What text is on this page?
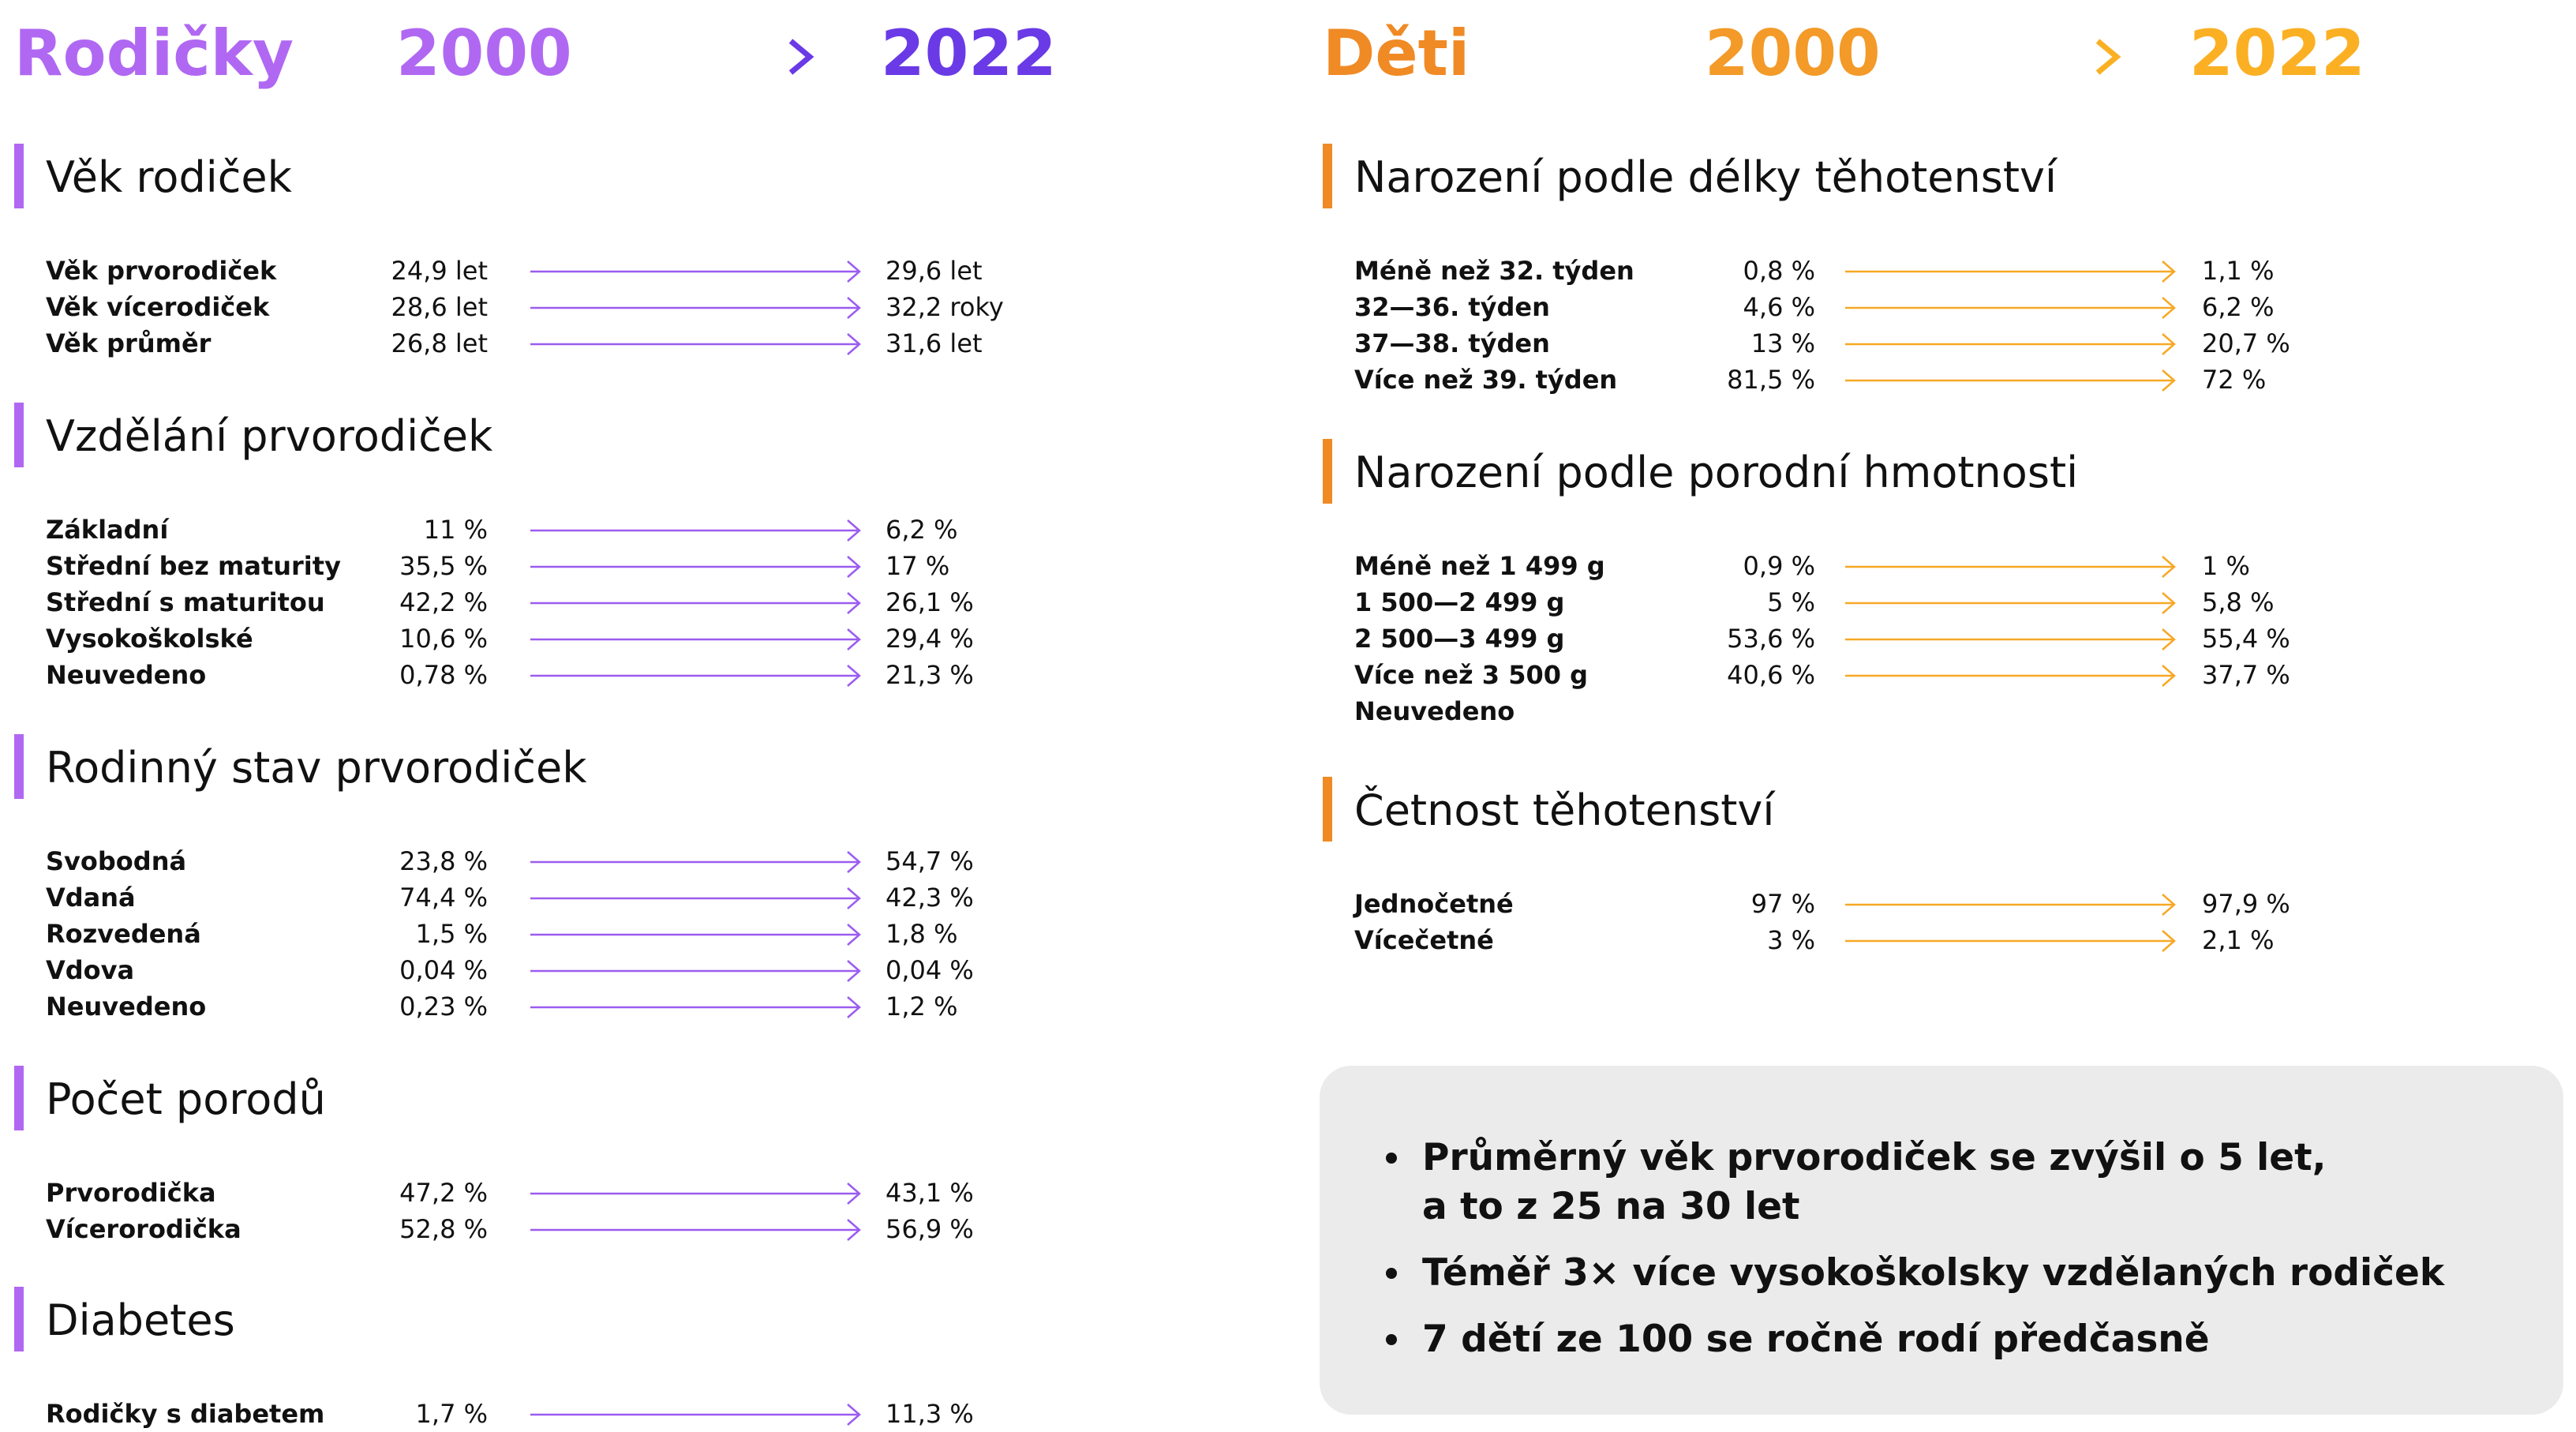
Rodičky 2000	2022	Děti	2000	2022
Věk rodiček
Věk prvorodiček	24,9 let	29,6 let
Věk vícerodiček	28,6 let	32,2 roky
Věk průměr	26,8 let	31,6 let
Vzdělání prvorodiček
Základní	11 %	6,2 %
Střední bez maturity 35,5 %	17 %
Střední s maturitou	42,2 %	26,1 %
Vysokoškolské	10,6 %	29,4 %
Neuvedeno	0,78 %	21,3 %
Rodinný stav prvorodiček
Svobodná	23,8 %	54,7 %
Vdaná	74,4 %	42,3 %
Rozvedená	1,5 %	1,8 %
Vdova	0,04 %	0,04 %
Neuvedeno	0,23 %	1,2 %
Počet porodů
Prvorodička	47,2 %	43,1 %
Vícerorodička	52,8 %	56,9 %
Diabetes
Rodičky s diabetem	1,7 %	11,3 %
Narození podle délky těhotenství
Méně než 32. týden	0,8 %	1,1 %
32—36. týden	4,6 %	6,2 %
37—38. týden	13 %	20,7 %
Více než 39. týden	81,5 %	72 %
Narození podle porodní hmotnosti
Méně než 1 499 g	0,9 %	1 %
1 500—2 499 g	5 %	5,8 %
2 500—3 499 g	53,6 %	55,4 %
Více než 3 500 g	40,6 %	37,7 %
Neuvedeno
Četnost těhotenství
Jednočetné	97 %	97,9 %
Vícečetné	3 %	2,1 %
Průměrný věk prvorodiček se zvýšil o 5 let,
a to z 25 na 30 let
Téměř 3× více vysokoškolsky vzdělaných rodiček
7 dětí ze 100 se ročně rodí předčasně
